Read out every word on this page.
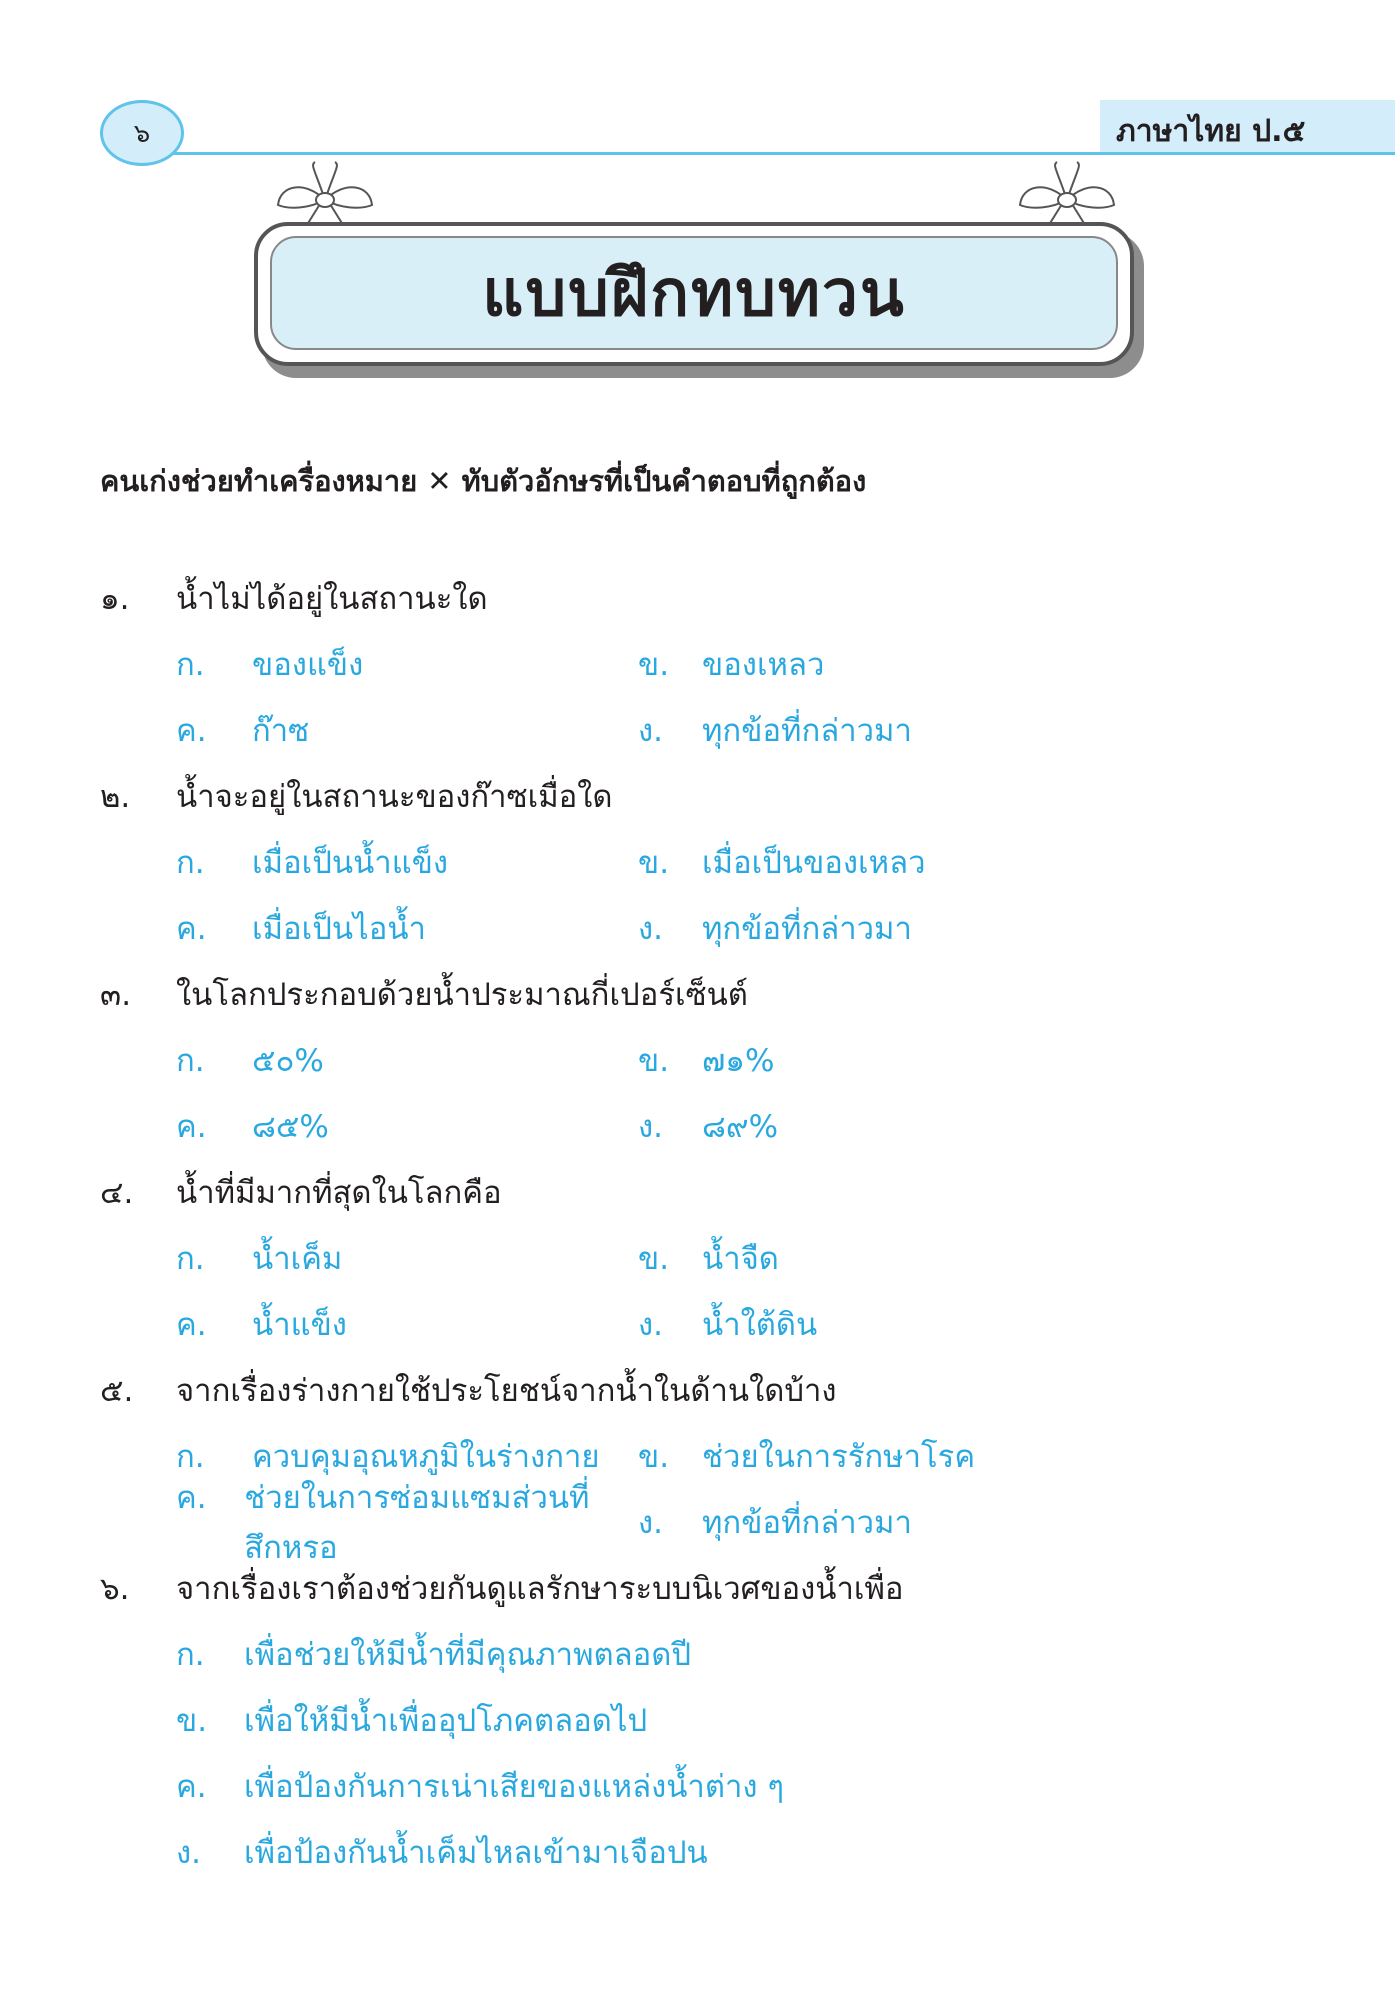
๖	ภาษาไทย ป.๕
แบบฝึกทบทวน
คนเก่งช่วยทำเครื่องหมาย ✕ ทับตัวอักษรที่เป็นคำตอบที่ถูกต้อง
๑.	น้ำไม่ได้อยู่ในสถานะใด
ก.	ของแข็ง	ข.	ของเหลว
ค.	ก๊าซ	ง.	ทุกข้อที่กล่าวมา
๒.	น้ำจะอยู่ในสถานะของก๊าซเมื่อใด
ก.	เมื่อเป็นน้ำแข็ง	ข.	เมื่อเป็นของเหลว
ค.	เมื่อเป็นไอน้ำ	ง.	ทุกข้อที่กล่าวมา
๓.	ในโลกประกอบด้วยน้ำประมาณกี่เปอร์เซ็นต์
ก.	๕๐%	ข.	๗๑%
ค.	๘๕%	ง.	๘๙%
๔.	น้ำที่มีมากที่สุดในโลกคือ
ก.	น้ำเค็ม	ข.	น้ำจืด
ค.	น้ำแข็ง	ง.	น้ำใต้ดิน
๕.	จากเรื่องร่างกายใช้ประโยชน์จากน้ำในด้านใดบ้าง
ก.	ควบคุมอุณหภูมิในร่างกาย ข.	ช่วยในการรักษาโรค
ค.	ช่วยในการซ่อมแซมส่วนที่สึกหรอ
ง.	ทุกข้อที่กล่าวมา
๖.	จากเรื่องเราต้องช่วยกันดูแลรักษาระบบนิเวศของน้ำเพื่อ
ก.	เพื่อช่วยให้มีน้ำที่มีคุณภาพตลอดปี
ข.	เพื่อให้มีน้ำเพื่ออุปโภคตลอดไป
ค.	เพื่อป้องกันการเน่าเสียของแหล่งน้ำต่าง ๆ
ง.	เพื่อป้องกันน้ำเค็มไหลเข้ามาเจือปน
